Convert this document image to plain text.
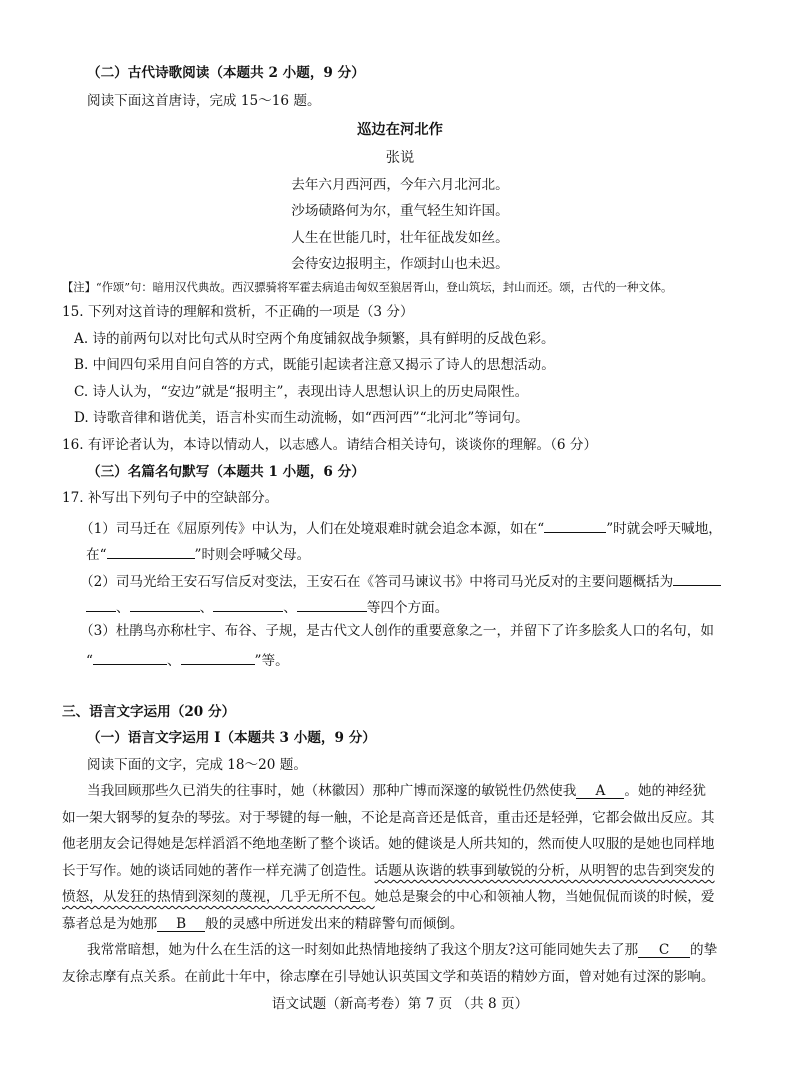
（二）古代诗歌阅读（本题共 2 小题，9 分）
阅读下面这首唐诗，完成 15～16 题。
巡边在河北作
张说
去年六月西河西，今年六月北河北。
沙场碛路何为尔，重气轻生知许国。
人生在世能几时，壮年征战发如丝。
会待安边报明主，作颂封山也未迟。
【注】“作颂”句：暗用汉代典故。西汉骠骑将军霍去病追击匈奴至狼居胥山，登山筑坛，封山而还。颂，古代的一种文体。
15. 下列对这首诗的理解和赏析，不正确的一项是（3 分）
A. 诗的前两句以对比句式从时空两个角度铺叙战争频繁，具有鲜明的反战色彩。
B. 中间四句采用自问自答的方式，既能引起读者注意又揭示了诗人的思想活动。
C. 诗人认为，“安边”就是“报明主”，表现出诗人思想认识上的历史局限性。
D. 诗歌音律和谐优美，语言朴实而生动流畅，如“西河西”“北河北”等词句。
16. 有评论者认为，本诗以情动人，以志感人。请结合相关诗句，谈谈你的理解。（6 分）
（三）名篇名句默写（本题共 1 小题，6 分）
17. 补写出下列句子中的空缺部分。
（1）司马迁在《屈原列传》中认为，人们在处境艰难时就会追念本源，如在“	”时就会呼天喊地，
在“	”时则会呼喊父母。
（2）司马光给王安石写信反对变法，王安石在《答司马谏议书》中将司马光反对的主要问题概括为
、	、	、	等四个方面。
（3）杜鹃鸟亦称杜宇、布谷、子规，是古代文人创作的重要意象之一，并留下了许多脍炙人口的名句，如
“	、	”等。
三、语言文字运用（20 分）
（一）语言文字运用 Ⅰ（本题共 3 小题，9 分）
阅读下面的文字，完成 18～20 题。
当我回顾那些久已消失的往事时，她（林徽因）那种广博而深邃的敏锐性仍然使我 A 。她的神经犹
如一架大钢琴的复杂的琴弦。对于琴键的每一触，不论是高音还是低音，重击还是轻弹，它都会做出反应。其
他老朋友会记得她是怎样滔滔不绝地垄断了整个谈话。她的健谈是人所共知的，然而使人叹服的是她也同样地
长于写作。她的谈话同她的著作一样充满了创造性。话题从诙谐的轶事到敏锐的分析，从明智的忠告到突发的
愤怒，从发狂的热情到深刻的蔑视，几乎无所不包。她总是聚会的中心和领袖人物，当她侃侃而谈的时候，爱
慕者总是为她那 B 般的灵感中所迸发出来的精辟警句而倾倒。
我常常暗想，她为什么在生活的这一时刻如此热情地接纳了我这个朋友?这可能同她失去了那 C 的挚
友徐志摩有点关系。在前此十年中，徐志摩在引导她认识英国文学和英语的精妙方面，曾对她有过深的影响。
语文试题（新高考卷）第 7 页 （共 8 页）
